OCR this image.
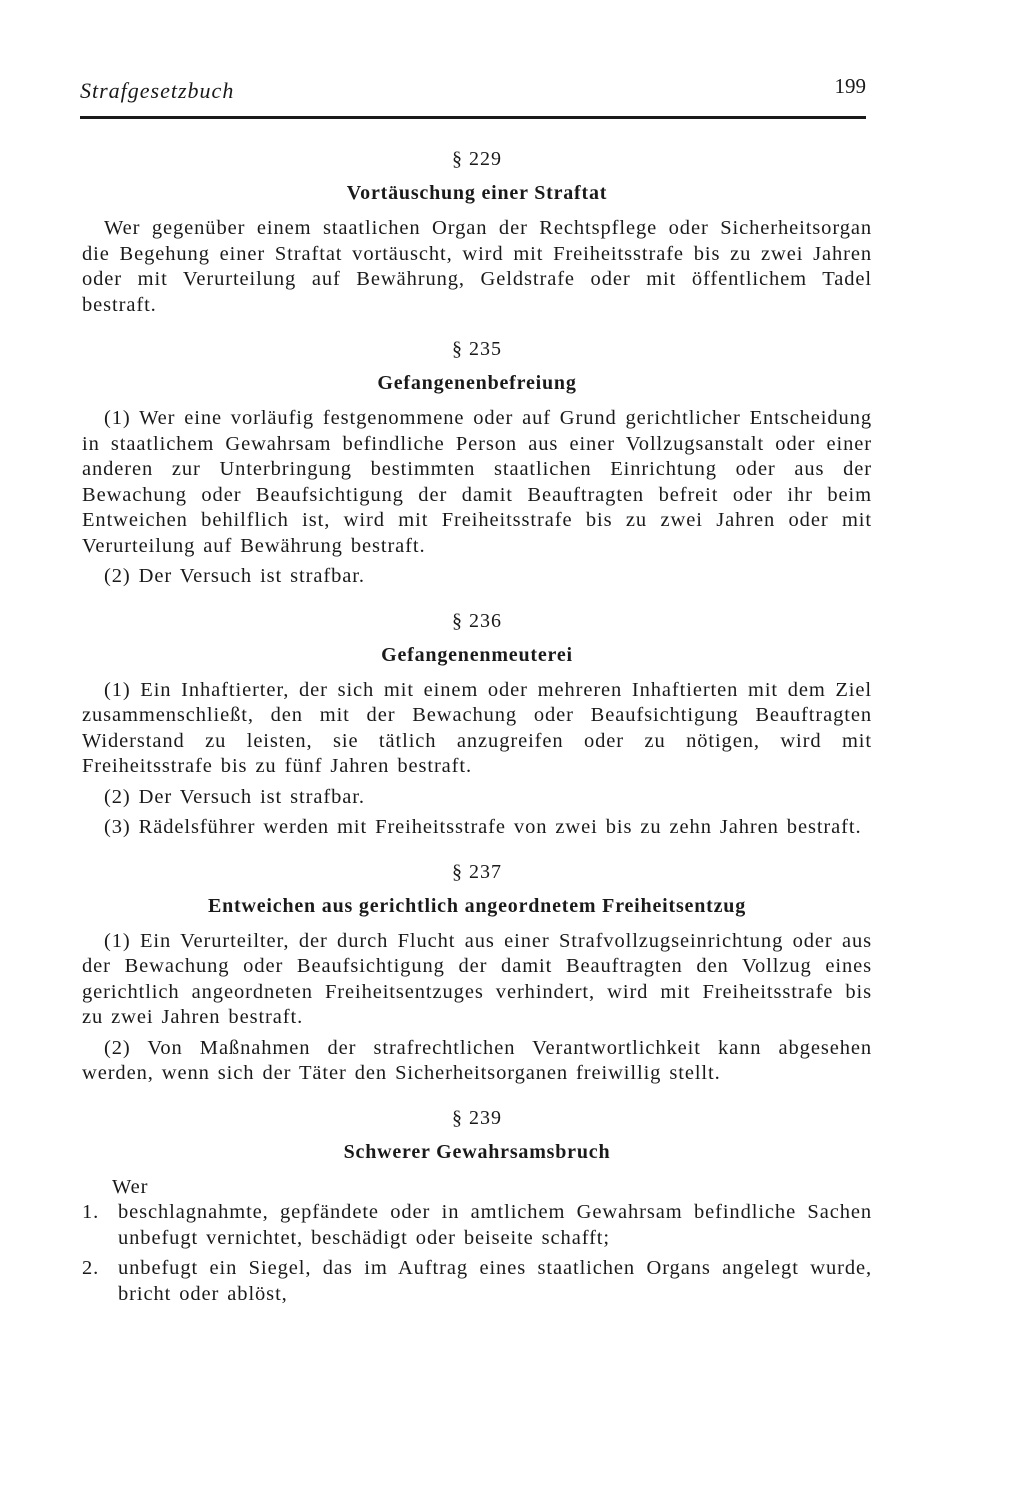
Strafgesetzbuch	199
§ 229
Vortäuschung einer Straftat

Wer gegenüber einem staatlichen Organ der Rechtspflege oder Sicherheitsorgan die Begehung einer Straftat vortäuscht, wird mit Freiheitsstrafe bis zu zwei Jahren oder mit Verurteilung auf Bewährung, Geldstrafe oder mit öffentlichem Tadel bestraft.

§ 235
Gefangenenbefreiung

(1) Wer eine vorläufig festgenommene oder auf Grund gerichtlicher Entscheidung in staatlichem Gewahrsam befindliche Person aus einer Vollzugsanstalt oder einer anderen zur Unterbringung bestimmten staatlichen Einrichtung oder aus der Bewachung oder Beaufsichtigung der damit Beauftragten befreit oder ihr beim Entweichen behilflich ist, wird mit Freiheitsstrafe bis zu zwei Jahren oder mit Verurteilung auf Bewährung bestraft.

(2) Der Versuch ist strafbar.

§ 236
Gefangenenmeuterei

(1) Ein Inhaftierter, der sich mit einem oder mehreren Inhaftierten mit dem Ziel zusammenschließt, den mit der Bewachung oder Beaufsichtigung Beauftragten Widerstand zu leisten, sie tätlich anzugreifen oder zu nötigen, wird mit Freiheitsstrafe bis zu fünf Jahren bestraft.

(2) Der Versuch ist strafbar.

(3) Rädelsführer werden mit Freiheitsstrafe von zwei bis zu zehn Jahren bestraft.

§ 237
Entweichen aus gerichtlich angeordnetem Freiheitsentzug

(1) Ein Verurteilter, der durch Flucht aus einer Strafvollzugseinrichtung oder aus der Bewachung oder Beaufsichtigung der damit Beauftragten den Vollzug eines gerichtlich angeordneten Freiheitsentzuges verhindert, wird mit Freiheitsstrafe bis zu zwei Jahren bestraft.

(2) Von Maßnahmen der strafrechtlichen Verantwortlichkeit kann abgesehen werden, wenn sich der Täter den Sicherheitsorganen freiwillig stellt.

§ 239
Schwerer Gewahrsamsbruch

Wer

1. beschlagnahmte, gepfändete oder in amtlichem Gewahrsam befindliche Sachen unbefugt vernichtet, beschädigt oder beiseite schafft;
2. unbefugt ein Siegel, das im Auftrag eines staatlichen Organs angelegt wurde, bricht oder ablöst,
